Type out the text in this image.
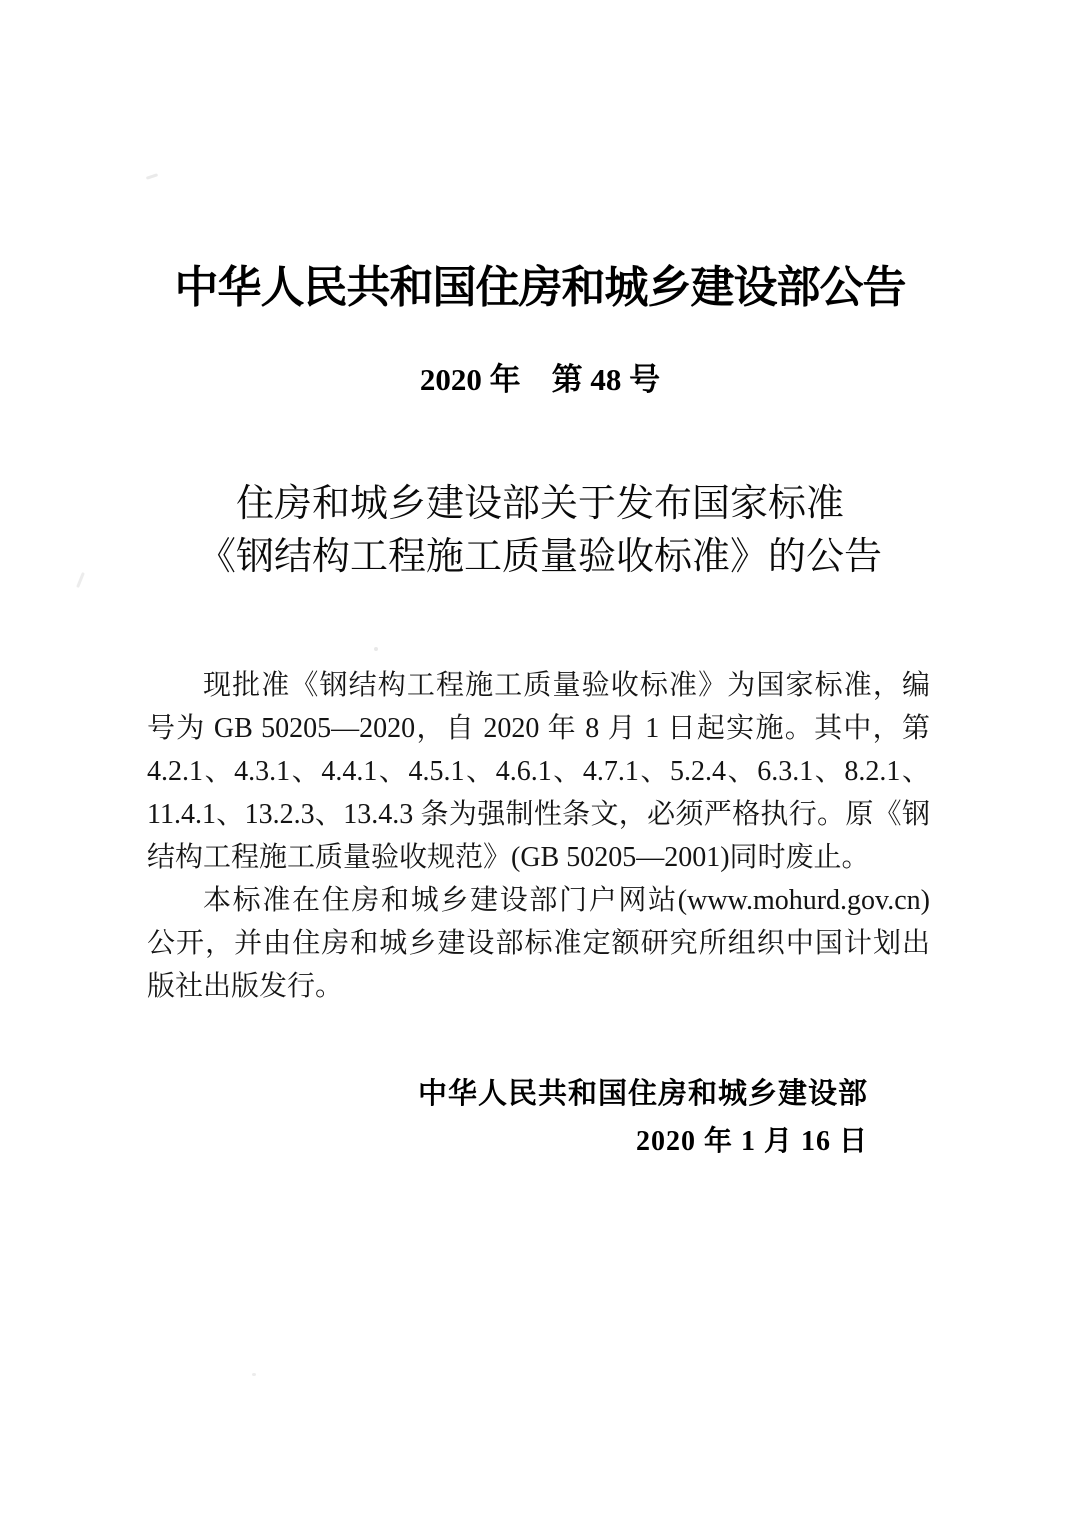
中华人民共和国住房和城乡建设部公告
2020 年　第 48 号
住房和城乡建设部关于发布国家标准
《钢结构工程施工质量验收标准》的公告

现批准《钢结构工程施工质量验收标准》为国家标准，编号为 GB 50205—2020，自 2020 年 8 月 1 日起实施。其中，第 4.2.1、4.3.1、4.4.1、4.5.1、4.6.1、4.7.1、5.2.4、6.3.1、8.2.1、11.4.1、13.2.3、13.4.3 条为强制性条文，必须严格执行。原《钢结构工程施工质量验收规范》(GB 50205—2001)同时废止。

本标准在住房和城乡建设部门户网站(www.mohurd.gov.cn)公开，并由住房和城乡建设部标准定额研究所组织中国计划出版社出版发行。

中华人民共和国住房和城乡建设部
2020 年 1 月 16 日
